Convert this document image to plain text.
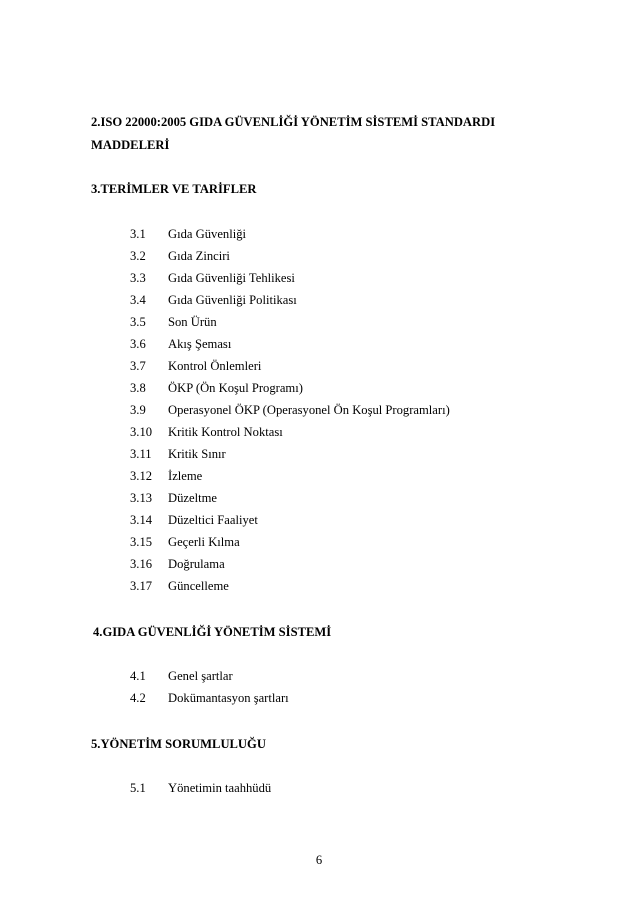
2.ISO 22000:2005 GIDA GÜVENLİĞİ YÖNETİM SİSTEMİ STANDARDI
MADDELERİ
3.TERİMLER VE TARİFLER
3.1 Gıda Güvenliği
3.2 Gıda Zinciri
3.3 Gıda Güvenliği Tehlikesi
3.4 Gıda Güvenliği Politikası
3.5 Son Ürün
3.6 Akış Şeması
3.7 Kontrol Önlemleri
3.8 ÖKP (Ön Koşul Programı)
3.9 Operasyonel ÖKP (Operasyonel Ön Koşul Programları)
3.10 Kritik Kontrol Noktası
3.11 Kritik Sınır
3.12 İzleme
3.13 Düzeltme
3.14 Düzeltici Faaliyet
3.15 Geçerli Kılma
3.16 Doğrulama
3.17 Güncelleme
4.GIDA GÜVENLİĞİ YÖNETİM SİSTEMİ
4.1 Genel şartlar
4.2 Dokümantasyon şartları
5.YÖNETİM SORUMLULUĞU
5.1 Yönetimin taahhüdü
6
